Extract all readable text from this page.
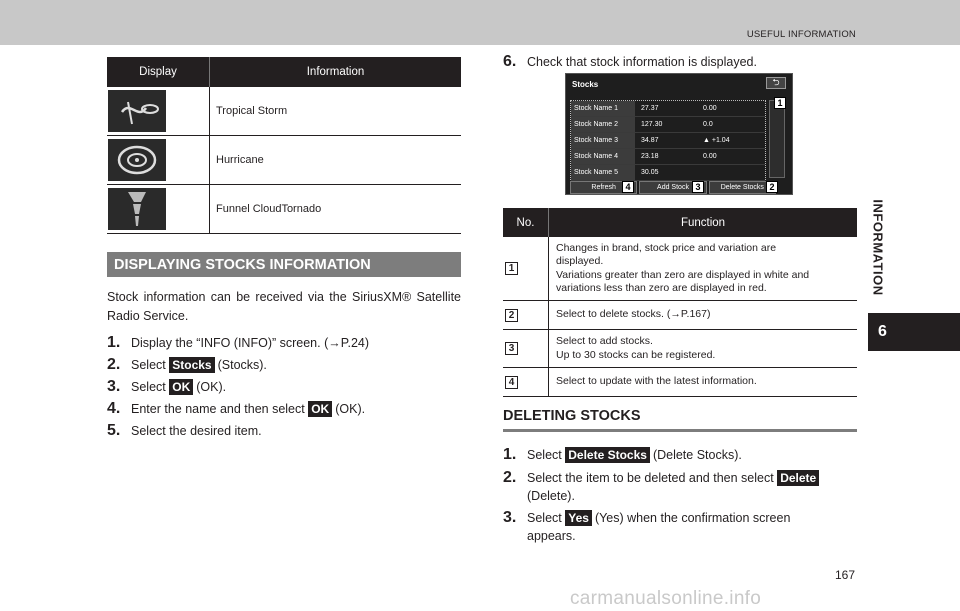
USEFUL INFORMATION
INFORMATION
6
Display	Information
Tropical Storm
Hurricane
Funnel Cloud Tornado
DISPLAYING STOCKS INFORMATION
Stock information can be received via the SiriusXM® Satellite Radio Service.
1. Display the “INFO (INFO)” screen. (→P.24)
2. Select
Stocks (Stocks).
3. Select
OK (OK).
4. Enter the name and then select
OK (OK).
5. Select the desired item.
6. Check that stock information is displayed.
Stocks	⮌
Stock Name 1	27.37	0.00
Stock Name 2	127.30	0.0
Stock Name 3	34.87	▲ +1.04
Stock Name 4	23.18	0.00
Stock Name 5	30.05
Refresh	Add Stock	Delete Stocks
1
4	3	2
No.	Function
1
Changes in brand, stock price and variation are
displayed.
Variations greater than zero are displayed in white and
variations less than zero are displayed in red.
2	Select to delete stocks. (→P.167)
3
Select to add stocks.
Up to 30 stocks can be registered.
4	Select to update with the latest information.
DELETING STOCKS
1. Select
Delete Stocks (Delete Stocks).
2. Select the item to be deleted and then select Delete
(Delete).
3. Select Yes (Yes) when the confirmation screen
appears.
167
carmanualsonline.info
